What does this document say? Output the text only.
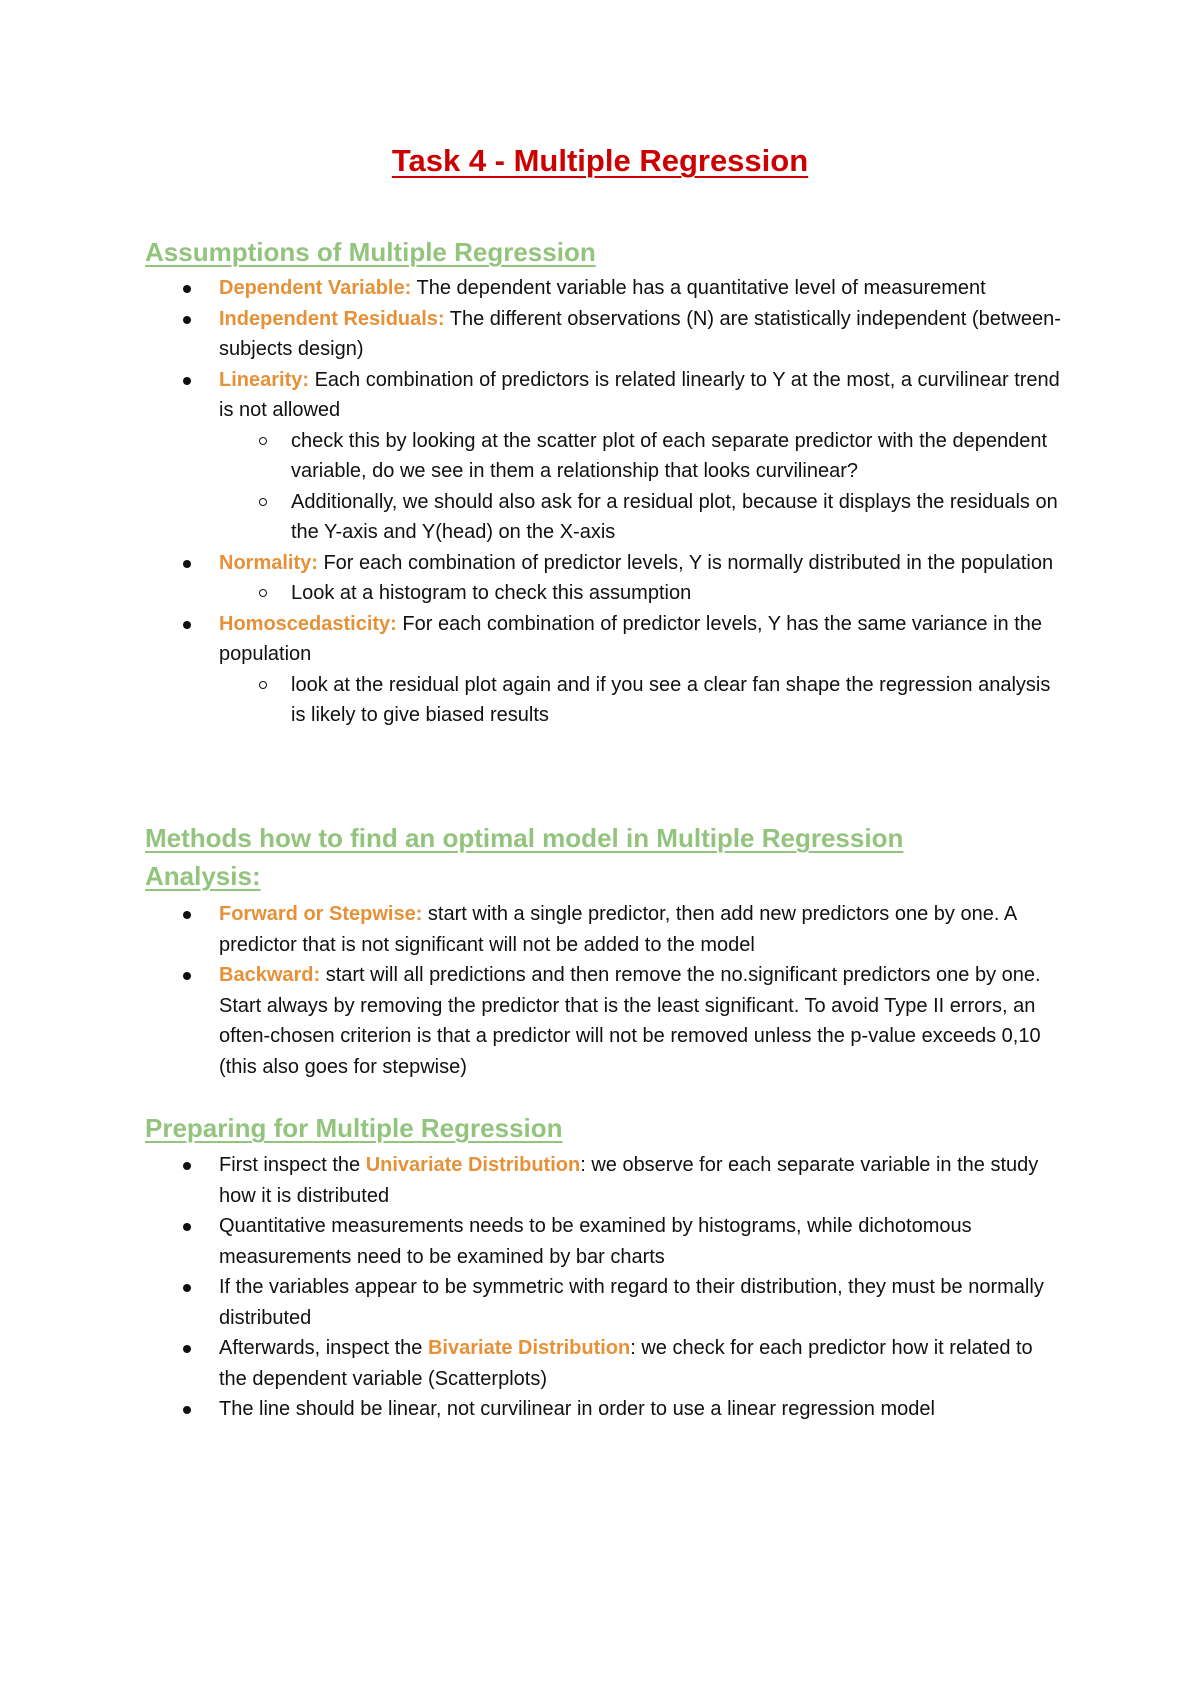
Task 4 - Multiple Regression
Assumptions of Multiple Regression
Dependent Variable: The dependent variable has a quantitative level of measurement
Independent Residuals: The different observations (N) are statistically independent (between-subjects design)
Linearity: Each combination of predictors is related linearly to Y at the most, a curvilinear trend is not allowed
check this by looking at the scatter plot of each separate predictor with the dependent variable, do we see in them a relationship that looks curvilinear?
Additionally, we should also ask for a residual plot, because it displays the residuals on the Y-axis and Y(head) on the X-axis
Normality: For each combination of predictor levels, Y is normally distributed in the population
Look at a histogram to check this assumption
Homoscedasticity: For each combination of predictor levels, Y has the same variance in the population
look at the residual plot again and if you see a clear fan shape the regression analysis is likely to give biased results
Methods how to find an optimal model in Multiple Regression Analysis:
Forward or Stepwise: start with a single predictor, then add new predictors one by one. A predictor that is not significant will not be added to the model
Backward: start will all predictions and then remove the no.significant predictors one by one. Start always by removing the predictor that is the least significant. To avoid Type II errors, an often-chosen criterion is that a predictor will not be removed unless the p-value exceeds 0,10 (this also goes for stepwise)
Preparing for Multiple Regression
First inspect the Univariate Distribution: we observe for each separate variable in the study how it is distributed
Quantitative measurements needs to be examined by histograms, while dichotomous measurements need to be examined by bar charts
If the variables appear to be symmetric with regard to their distribution, they must be normally distributed
Afterwards, inspect the Bivariate Distribution: we check for each predictor how it related to the dependent variable (Scatterplots)
The line should be linear, not curvilinear in order to use a linear regression model
